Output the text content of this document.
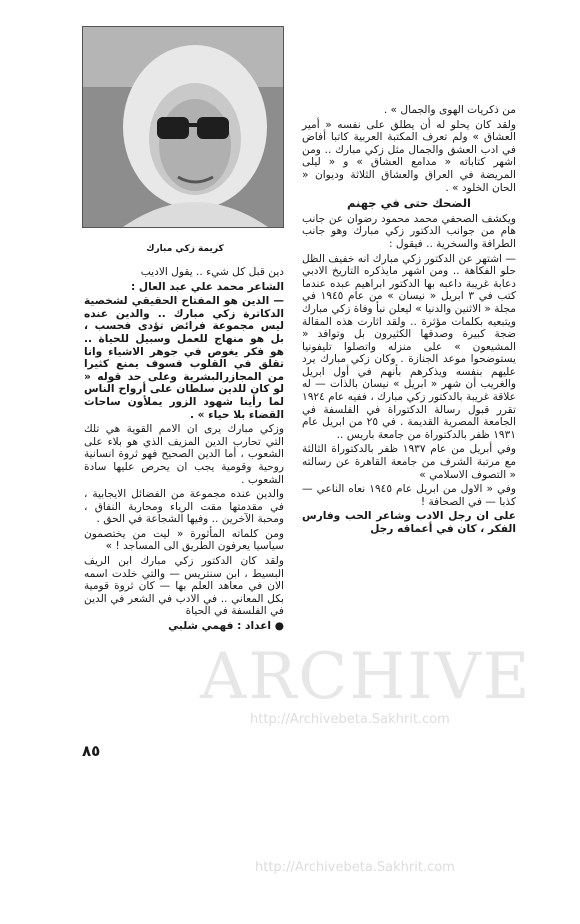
كريمة زكي مبارك

من ذكريات الهوى والجمال » .

ولقد كان يحلو له أن يطلق على نفسه « أمير العشاق » ولم تعرف المكتبة العربية كاتبا أفاض في ادب العشق والجمال مثل زكي مبارك .. ومن اشهر كتاباته « مدامع العشاق » و « ليلى المريضة في العراق والعشاق الثلاثة وديوان « الحان الخلود » .

الضحك حتى في جهنم

ويكشف الصحفي محمد محمود رضوان عن جانب هام من جوانب الدكتور زكي مبارك وهو جانب الطرافة والسخرية .. فيقول :

— اشتهر عن الدكتور زكي مبارك انه خفيف الظل حلو الفكاهة .. ومن اشهر مايذكره التاريخ الادبي دعابة غريبة داعبه بها الدكتور ابراهيم عبده عندما كتب في ٣ ابريل « نيسان » من عام ١٩٤٥ في مجلة « الاثنين والدنيا » ليعلن نبأ وفاة زكي مبارك ويتبعيه بكلمات مؤثرة .. ولقد اثارت هذه المقالة ضجة كبيرة وصدقها الكثيرون بل وتوافد « المشيعون » على منزله واتصلوا تليفونيا يستوضحوا موعد الجنازة . وكان زكي مبارك يرد عليهم بنفسه ويذكرهم بأنهم في أول ابريل والغريب أن شهر « ابريل » نيسان بالذات — له علاقة غريبة بالدكتور زكي مبارك ، ففيه عام ١٩٢٤ تقرر قبول رسالة الدكتوراة في الفلسفة في الجامعة المصرية القديمة . في ٢٥ من ابريل عام ١٩٣١ ظفر بالدكتوراة من جامعة باريس ..

وفي أبريل من عام ١٩٣٧ ظفر بالدكتوراة الثالثة مع مرتبة الشرف من جامعة القاهرة عن رسالته « التصوف الاسلامي »

وفي « الاول من ابريل عام ١٩٤٥ نعاه الناعي — كذبا — في الصحافة !

على ان رجل الادب وشاعر الحب وفارس الفكر ، كان في أعماقه رجل

دين قبل كل شيء .. يقول الاديب

الشاعر محمد علي عبد العال :

— الدين هو المفتاح الحقيقي لشخصية الدكاترة زكي مبارك .. والدين عنده ليس مجموعة فرائض تؤدى فحسب ، بل هو منهاج للعمل وسبيل للحياة .. هو فكر يغوص في جوهر الاشياء وانا تقلق في القلوب فسوف يمنع كثيرا من المجازرالبشرية وعلى حد قوله « لو كان للدين سلطان على أرواح الناس لما رأينا شهود الزور يملأون ساحات القضاء بلا حياء » .

وزكي مبارك يرى ان الامم القوية هي تلك التي تحارب الدين المزيف الذي هو بلاء على الشعوب ، أما الدين الصحيح فهو ثروة انسانية روحية وقومية يجب ان يحرص عليها سادة الشعوب .

والدين عنده مجموعة من الفضائل الايجابية ، في مقدمتها مقت الرياء ومحاربة النفاق ، ومحبة الآخرين .. وفيها الشجاعة في الحق .

ومن كلماته المأثورة « ليت من يختصمون سياسيا يعرفون الطريق الى المساجد ! »

ولقد كان الدكتور زكي مبارك ابن الريف البسيط ، ابن سنتريس — والتي خلدت اسمه الان في معاهد العلم بها — كان ثروة قومية بكل المعاني .. في الادب في الشعر في الدين في الفلسفة في الحياة

● اعداد : فهمي شلبي

ARCHIVE
http://Archivebeta.Sakhrit.com
http://Archivebeta.Sakhrit.com
٨٥
